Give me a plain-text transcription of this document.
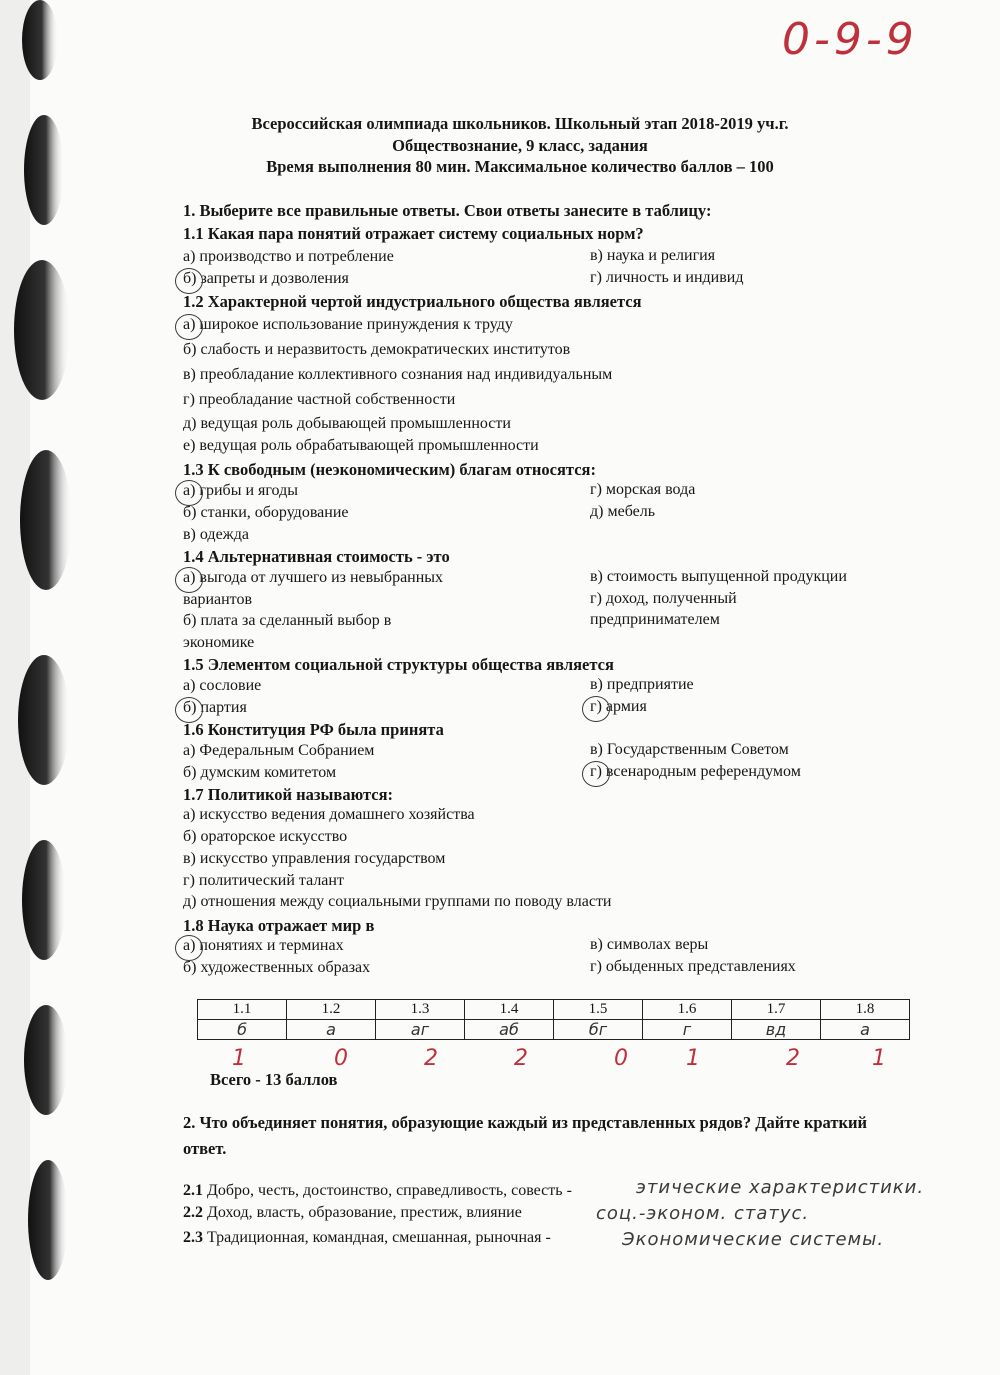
0-9-9
Всероссийская олимпиада школьников. Школьный этап 2018-2019 уч.г.
Обществознание, 9 класс, задания
Время выполнения 80 мин. Максимальное количество баллов – 100
1. Выберите все правильные ответы. Свои ответы занесите в таблицу:
1.1 Какая пара понятий отражает систему социальных норм?
а) производство и потребление
б) запреты и дозволения
в) наука и религия
г) личность и индивид
1.2 Характерной чертой индустриального общества является
а) широкое использование принуждения к труду
б) слабость и неразвитость демократических институтов
в) преобладание коллективного сознания над индивидуальным
г) преобладание частной собственности
д) ведущая роль добывающей промышленности
е) ведущая роль обрабатывающей промышленности
1.3 К свободным (неэкономическим) благам относятся:
а) грибы и ягоды
б) станки, оборудование
в) одежда
г) морская вода
д) мебель
1.4 Альтернативная стоимость - это
а) выгода от лучшего из невыбранных
вариантов
б) плата за сделанный выбор в
экономике
в) стоимость выпущенной продукции
г) доход, полученный
предпринимателем
1.5 Элементом социальной структуры общества является
а) сословие
б) партия
в) предприятие
г) армия
1.6 Конституция РФ была принята
а) Федеральным Собранием
б) думским комитетом
в) Государственным Советом
г) всенародным референдумом
1.7 Политикой называются:
а) искусство ведения домашнего хозяйства
б) ораторское искусство
в) искусство управления государством
г) политический талант
д) отношения между социальными группами по поводу власти
1.8 Наука отражает мир в
а) понятиях и терминах
б) художественных образах
в) символах веры
г) обыденных представлениях
1.1	1.2	1.3	1.4	1.5	1.6	1.7	1.8
б	а	аг	аб	бг	г	вд	а
1	0	2	2	0	1	2	1
Всего - 13 баллов
2. Что объединяет понятия, образующие каждый из представленных рядов? Дайте краткий ответ.
2.1 Добро, честь, достоинство, справедливость, совесть -	этические характеристики.
2.2 Доход, власть, образование, престиж, влияние	соц.-эконом. статус.
2.3 Традиционная, командная, смешанная, рыночная -	Экономические системы.
